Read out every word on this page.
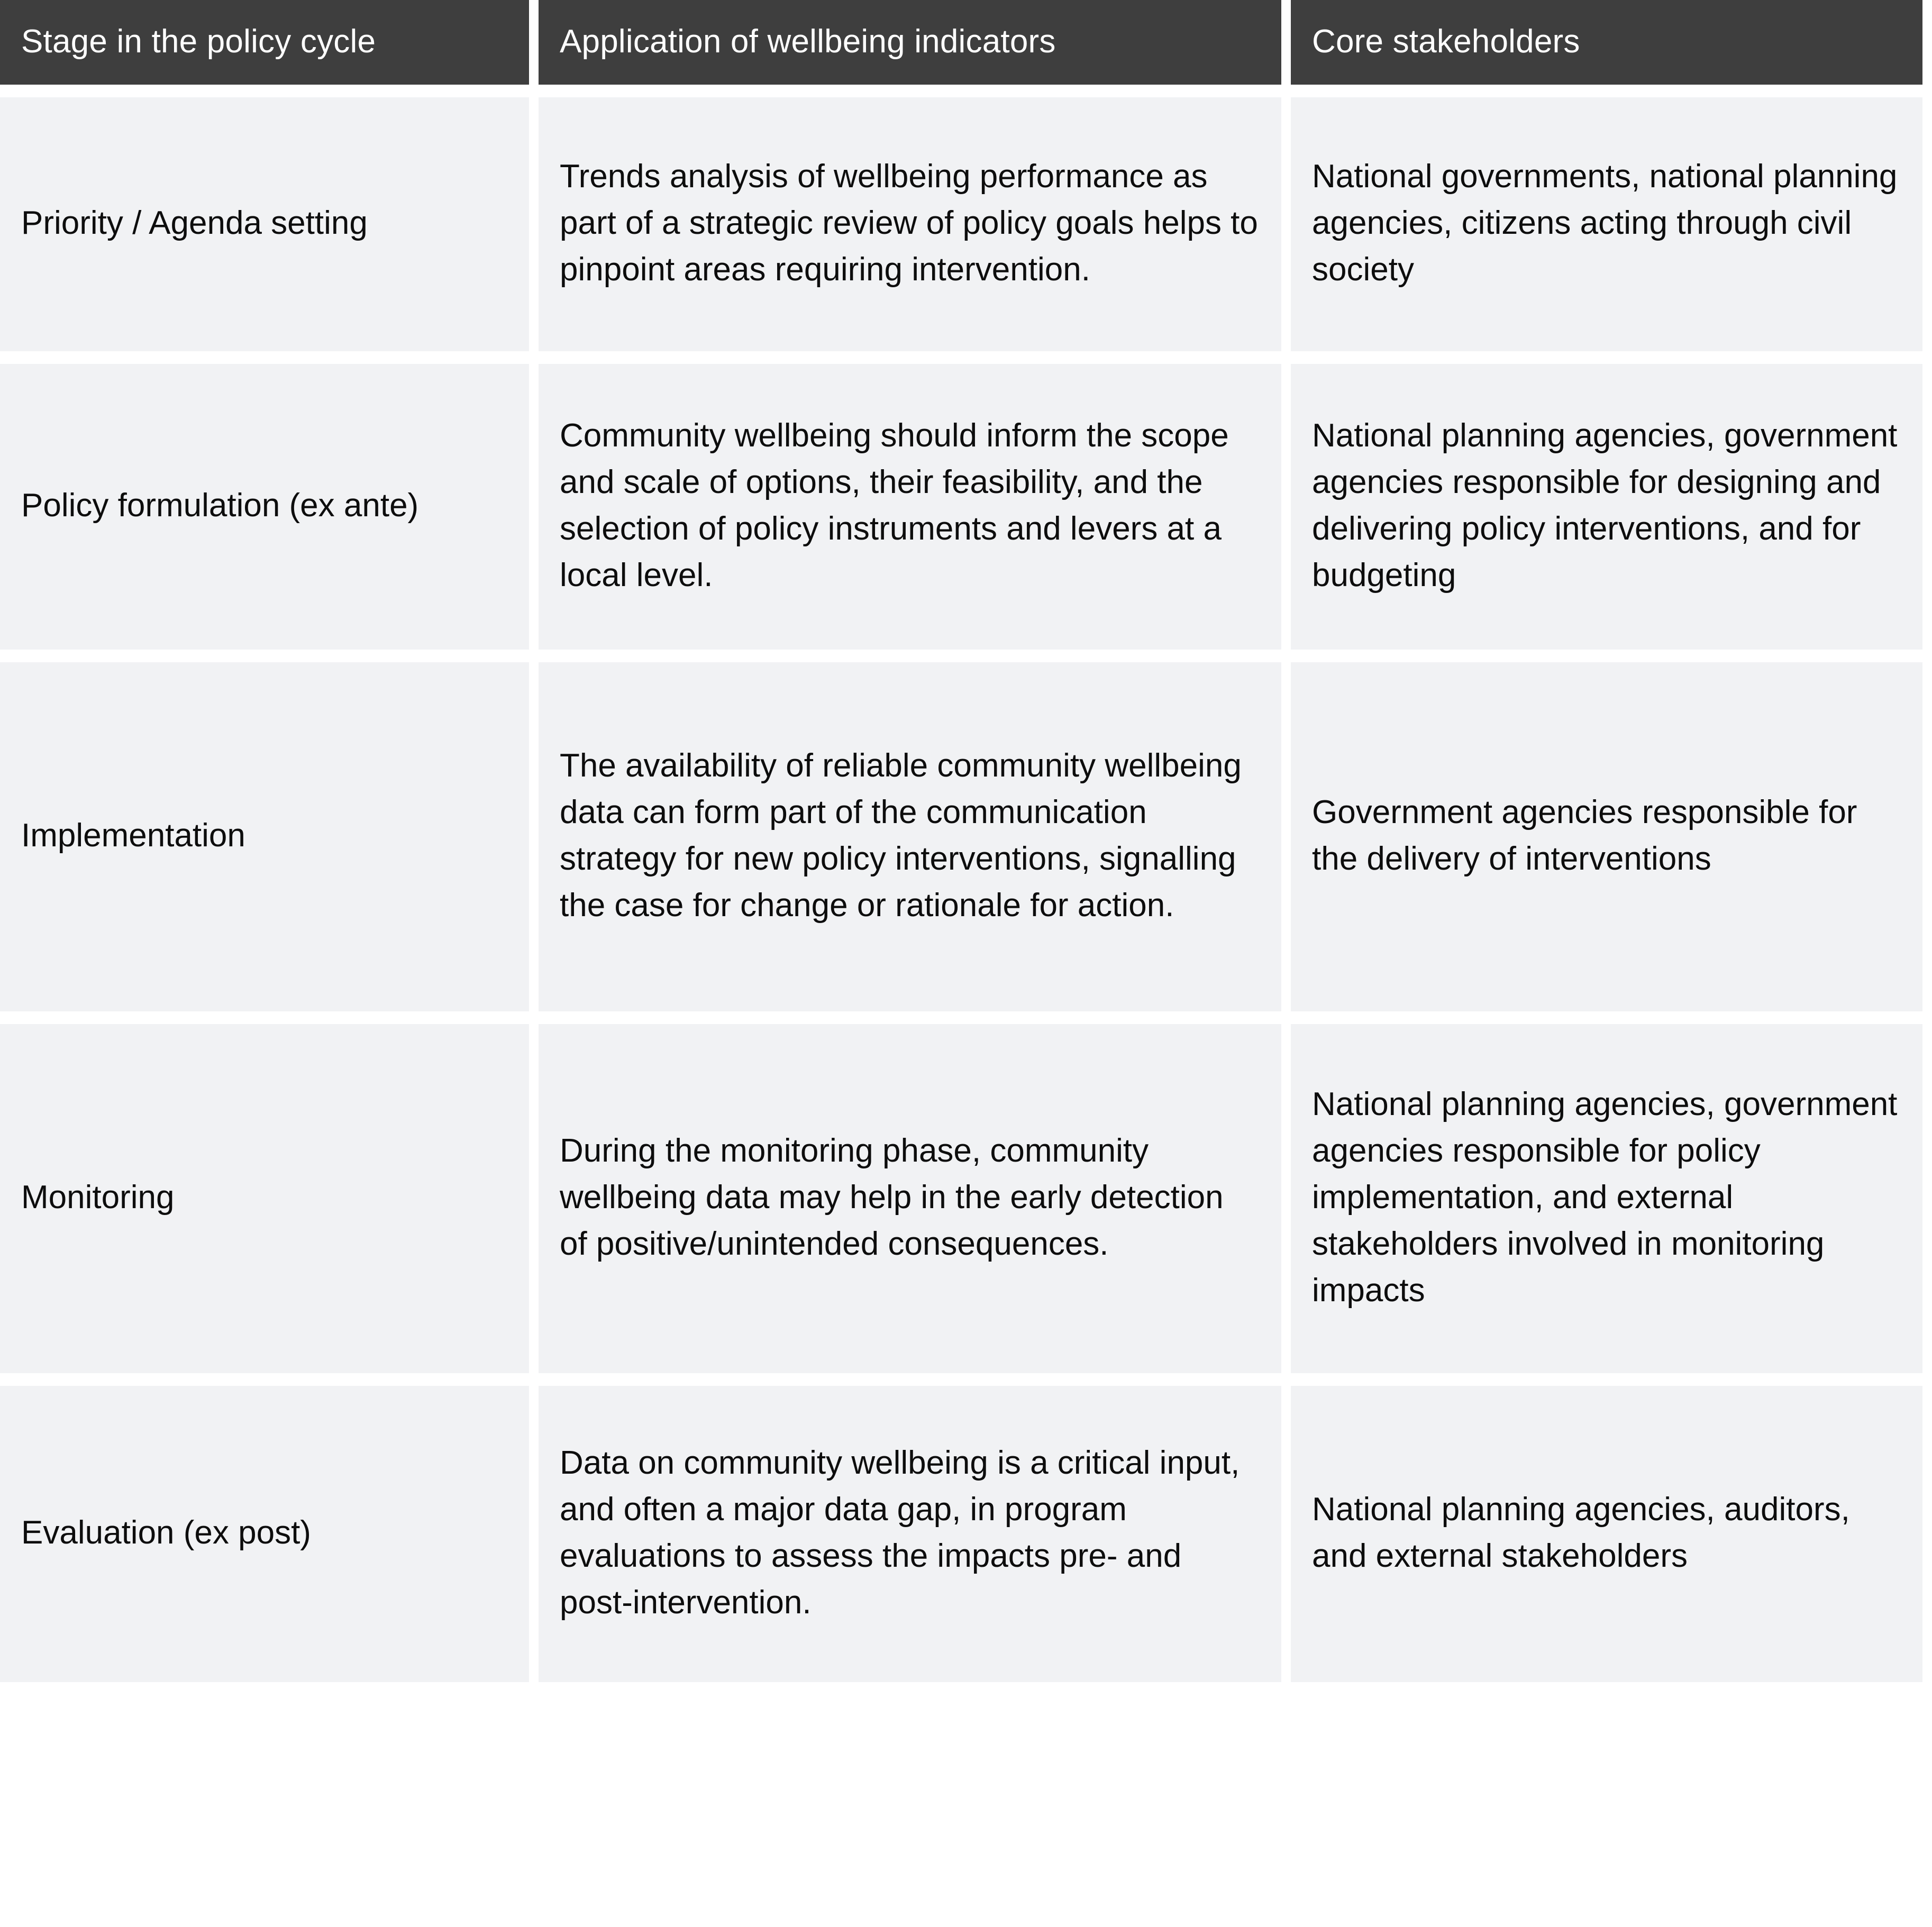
Stage in the policy cycle	Application of wellbeing indicators	Core stakeholders

Priority / Agenda setting	Trends analysis of wellbeing performance as part of a strategic review of policy goals helps to pinpoint areas requiring intervention.	National governments, national planning agencies, citizens acting through civil society

Policy formulation (ex ante)	Community wellbeing should inform the scope and scale of options, their feasibility, and the selection of policy instruments and levers at a local level.	National planning agencies, government agencies responsible for designing and delivering policy interventions, and for budgeting

Implementation	The availability of reliable community wellbeing data can form part of the communication strategy for new policy interventions, signalling the case for change or rationale for action.	Government agencies responsible for the delivery of interventions

Monitoring	During the monitoring phase, community wellbeing data may help in the early detection of positive/unintended consequences.	National planning agencies, government agencies responsible for policy implementation, and external stakeholders involved in monitoring impacts

Evaluation (ex post)	Data on community wellbeing is a critical input, and often a major data gap, in program evaluations to assess the impacts pre- and post-intervention.	National planning agencies, auditors, and external stakeholders
